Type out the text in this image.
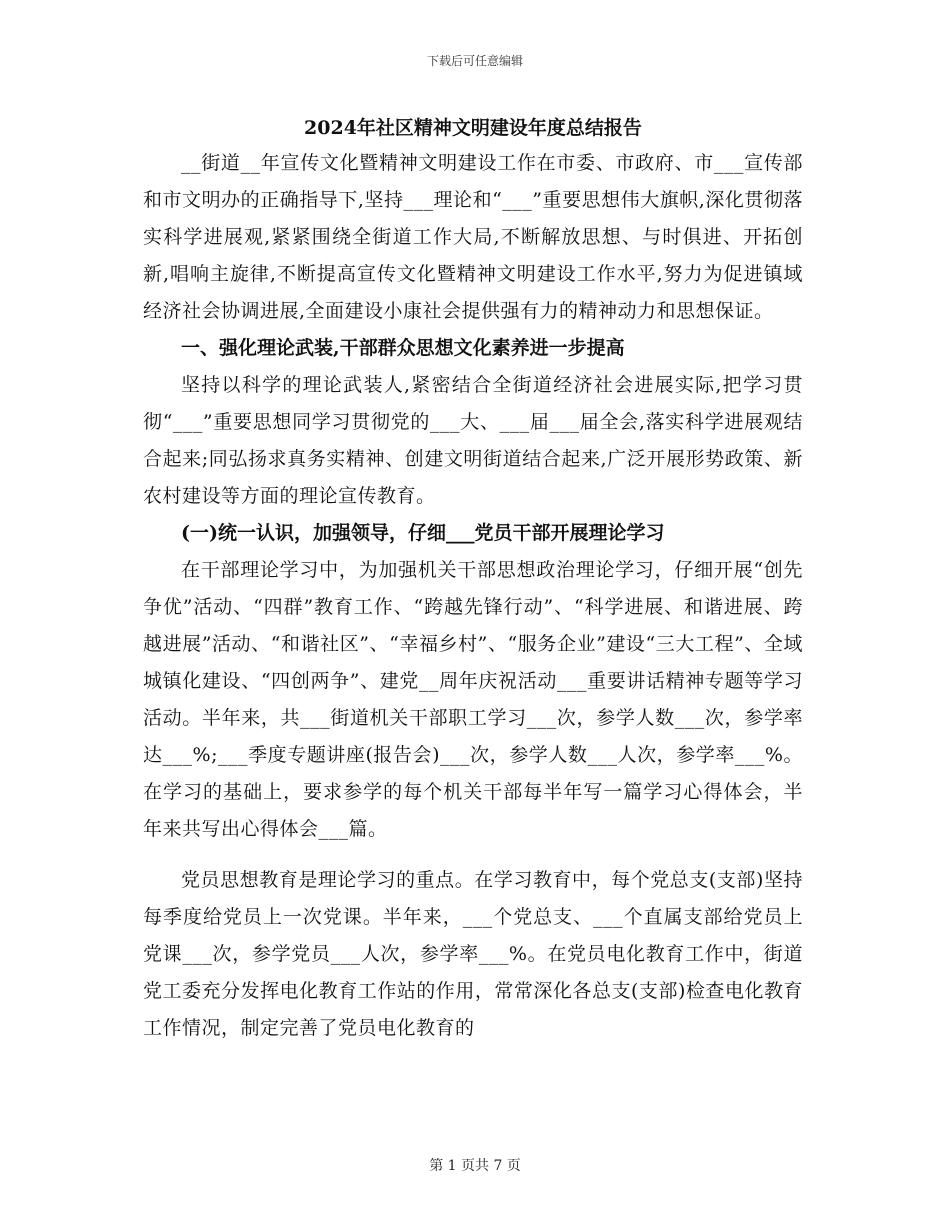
下载后可任意编辑
2024年社区精神文明建设年度总结报告

__街道__年宣传文化暨精神文明建设工作在市委、市政府、市___宣传部和市文明办的正确指导下,坚持___理论和“___”重要思想伟大旗帜,深化贯彻落实科学进展观,紧紧围绕全街道工作大局,不断解放思想、与时俱进、开拓创新,唱响主旋律,不断提高宣传文化暨精神文明建设工作水平,努力为促进镇域经济社会协调进展,全面建设小康社会提供强有力的精神动力和思想保证。

一、强化理论武装,干部群众思想文化素养进一步提高

坚持以科学的理论武装人,紧密结合全街道经济社会进展实际,把学习贯彻“___”重要思想同学习贯彻党的___大、___届___届全会,落实科学进展观结合起来;同弘扬求真务实精神、创建文明街道结合起来,广泛开展形势政策、新农村建设等方面的理论宣传教育。

(一)统一认识，加强领导，仔细___党员干部开展理论学习

在干部理论学习中，为加强机关干部思想政治理论学习，仔细开展“创先争优”活动、“四群”教育工作、“跨越先锋行动”、“科学进展、和谐进展、跨越进展”活动、“和谐社区”、“幸福乡村”、“服务企业”建设“三大工程”、全域城镇化建设、“四创两争”、建党__周年庆祝活动___重要讲话精神专题等学习活动。半年来，共___街道机关干部职工学习___次，参学人数___次，参学率达___%;___季度专题讲座(报告会)___次，参学人数___人次，参学率___%。在学习的基础上，要求参学的每个机关干部每半年写一篇学习心得体会，半年来共写出心得体会___篇。

党员思想教育是理论学习的重点。在学习教育中，每个党总支(支部)坚持每季度给党员上一次党课。半年来，___个党总支、___个直属支部给党员上党课___次，参学党员___人次，参学率___%。在党员电化教育工作中，街道党工委充分发挥电化教育工作站的作用，常常深化各总支(支部)检查电化教育工作情况，制定完善了党员电化教育的

第 1 页共 7 页
